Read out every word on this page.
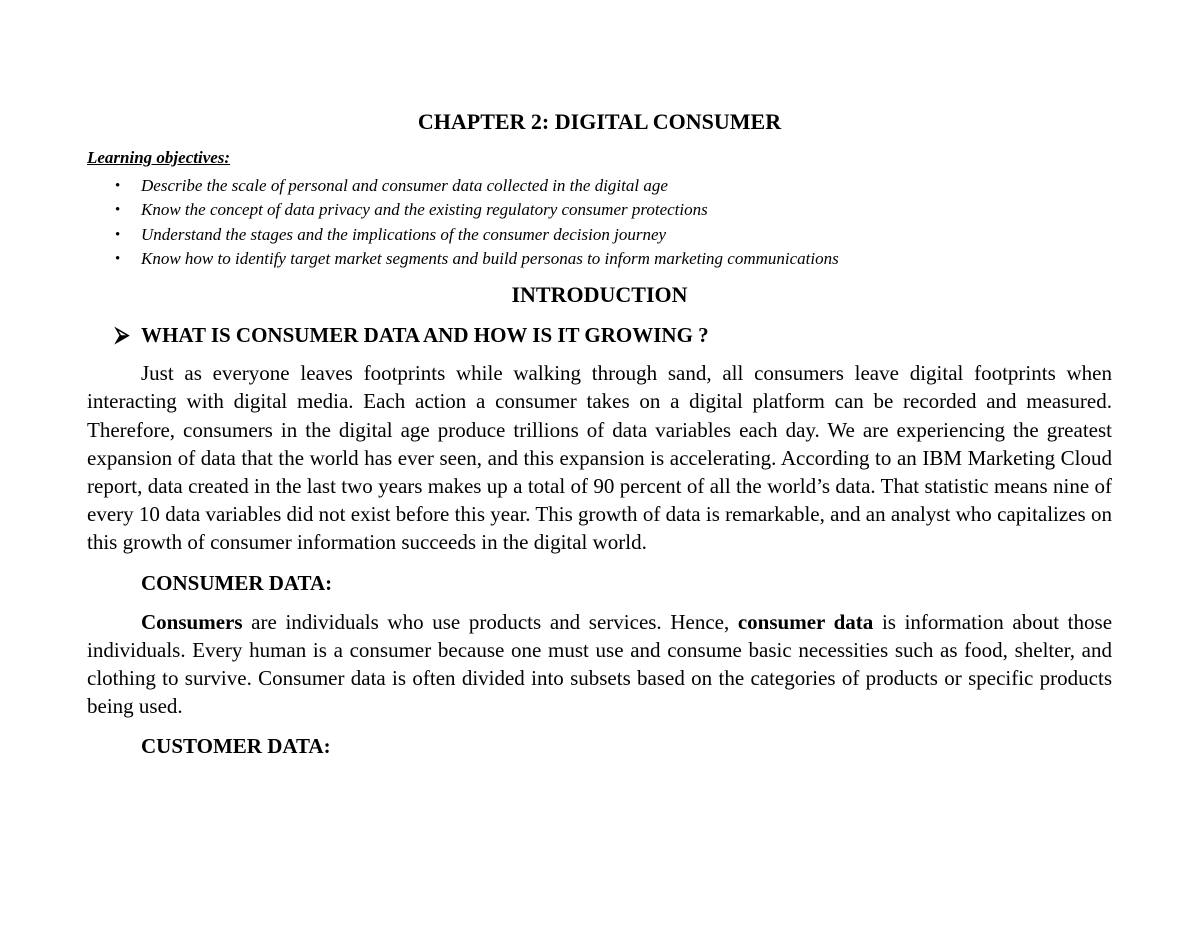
CHAPTER 2: DIGITAL CONSUMER

Learning objectives:

• Describe the scale of personal and consumer data collected in the digital age
• Know the concept of data privacy and the existing regulatory consumer protections
• Understand the stages and the implications of the consumer decision journey
• Know how to identify target market segments and build personas to inform marketing communications
INTRODUCTION
⮚ WHAT IS CONSUMER DATA AND HOW IS IT GROWING ?

Just as everyone leaves footprints while walking through sand, all consumers leave digital footprints when interacting with digital media. Each action a consumer takes on a digital platform can be recorded and measured. Therefore, consumers in the digital age produce trillions of data variables each day. We are experiencing the greatest expansion of data that the world has ever seen, and this expansion is accelerating. According to an IBM Marketing Cloud report, data created in the last two years makes up a total of 90 percent of all the world’s data. That statistic means nine of every 10 data variables did not exist before this year. This growth of data is remarkable, and an analyst who capitalizes on this growth of consumer information succeeds in the digital world.

CONSUMER DATA:

Consumers are individuals who use products and services. Hence, consumer data is information about those individuals. Every human is a consumer because one must use and consume basic necessities such as food, shelter, and clothing to survive. Consumer data is often divided into subsets based on the categories of products or specific products being used.

CUSTOMER DATA:
